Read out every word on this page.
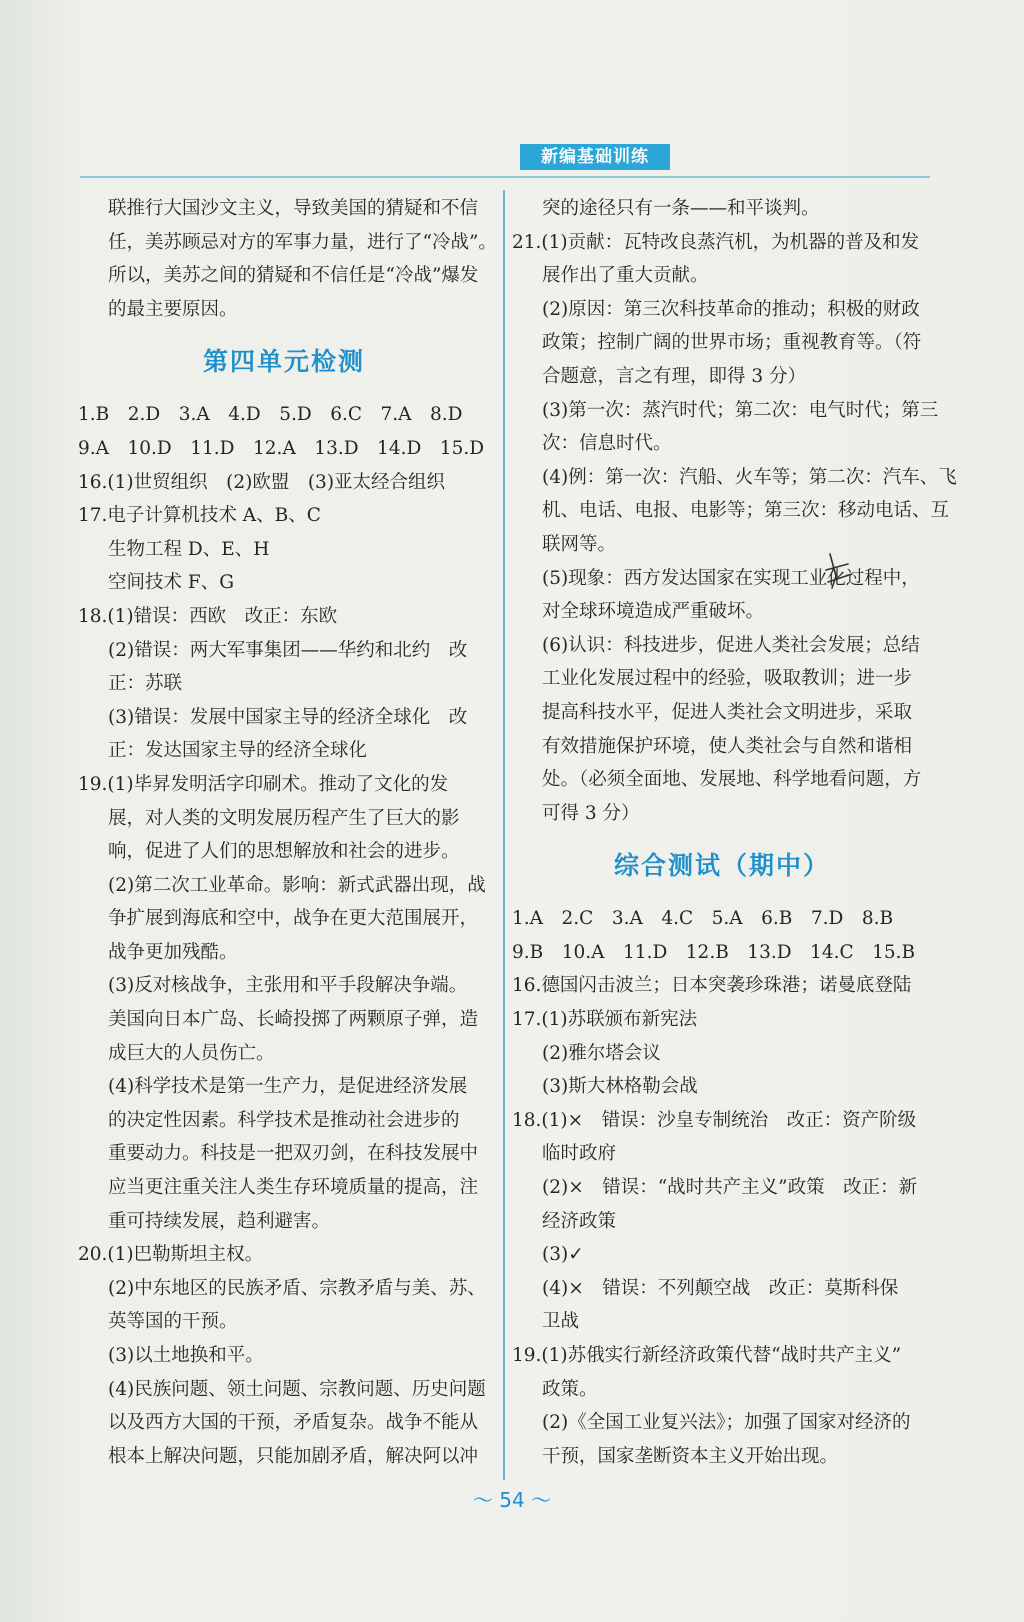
新编基础训练
联推行大国沙文主义，导致美国的猜疑和不信
任，美苏顾忌对方的军事力量，进行了“冷战”。
所以，美苏之间的猜疑和不信任是“冷战”爆发
的最主要原因。
第四单元检测
1.B　2.D　3.A　4.D　5.D　6.C　7.A　8.D
9.A　10.D　11.D　12.A　13.D　14.D　15.D
16.(1)世贸组织　(2)欧盟　(3)亚太经合组织
17.电子计算机技术 A、B、C
生物工程 D、E、H
空间技术 F、G
18.(1)错误：西欧　改正：东欧
(2)错误：两大军事集团——华约和北约　改
正：苏联
(3)错误：发展中国家主导的经济全球化　改
正：发达国家主导的经济全球化
19.(1)毕昇发明活字印刷术。推动了文化的发
展，对人类的文明发展历程产生了巨大的影
响，促进了人们的思想解放和社会的进步。
(2)第二次工业革命。影响：新式武器出现，战
争扩展到海底和空中，战争在更大范围展开，
战争更加残酷。
(3)反对核战争，主张用和平手段解决争端。
美国向日本广岛、长崎投掷了两颗原子弹，造
成巨大的人员伤亡。
(4)科学技术是第一生产力，是促进经济发展
的决定性因素。科学技术是推动社会进步的
重要动力。科技是一把双刃剑，在科技发展中
应当更注重关注人类生存环境质量的提高，注
重可持续发展，趋利避害。
20.(1)巴勒斯坦主权。
(2)中东地区的民族矛盾、宗教矛盾与美、苏、
英等国的干预。
(3)以土地换和平。
(4)民族问题、领土问题、宗教问题、历史问题
以及西方大国的干预，矛盾复杂。战争不能从
根本上解决问题，只能加剧矛盾，解决阿以冲
突的途径只有一条——和平谈判。
21.(1)贡献：瓦特改良蒸汽机，为机器的普及和发
展作出了重大贡献。
(2)原因：第三次科技革命的推动；积极的财政
政策；控制广阔的世界市场；重视教育等。（符
合题意，言之有理，即得 3 分）
(3)第一次：蒸汽时代；第二次：电气时代；第三
次：信息时代。
(4)例：第一次：汽船、火车等；第二次：汽车、飞
机、电话、电报、电影等；第三次：移动电话、互
联网等。
(5)现象：西方发达国家在实现工业化过程中，
对全球环境造成严重破坏。
(6)认识：科技进步，促进人类社会发展；总结
工业化发展过程中的经验，吸取教训；进一步
提高科技水平，促进人类社会文明进步，采取
有效措施保护环境，使人类社会与自然和谐相
处。（必须全面地、发展地、科学地看问题，方
可得 3 分）
综合测试（期中）
1.A　2.C　3.A　4.C　5.A　6.B　7.D　8.B
9.B　10.A　11.D　12.B　13.D　14.C　15.B
16.德国闪击波兰；日本突袭珍珠港；诺曼底登陆
17.(1)苏联颁布新宪法
(2)雅尔塔会议
(3)斯大林格勒会战
18.(1)×　错误：沙皇专制统治　改正：资产阶级
临时政府
(2)×　错误：“战时共产主义”政策　改正：新
经济政策
(3)✓
(4)×　错误：不列颠空战　改正：莫斯科保
卫战
19.(1)苏俄实行新经济政策代替“战时共产主义”
政策。
(2)《全国工业复兴法》；加强了国家对经济的
干预，国家垄断资本主义开始出现。
～ 54 ～
